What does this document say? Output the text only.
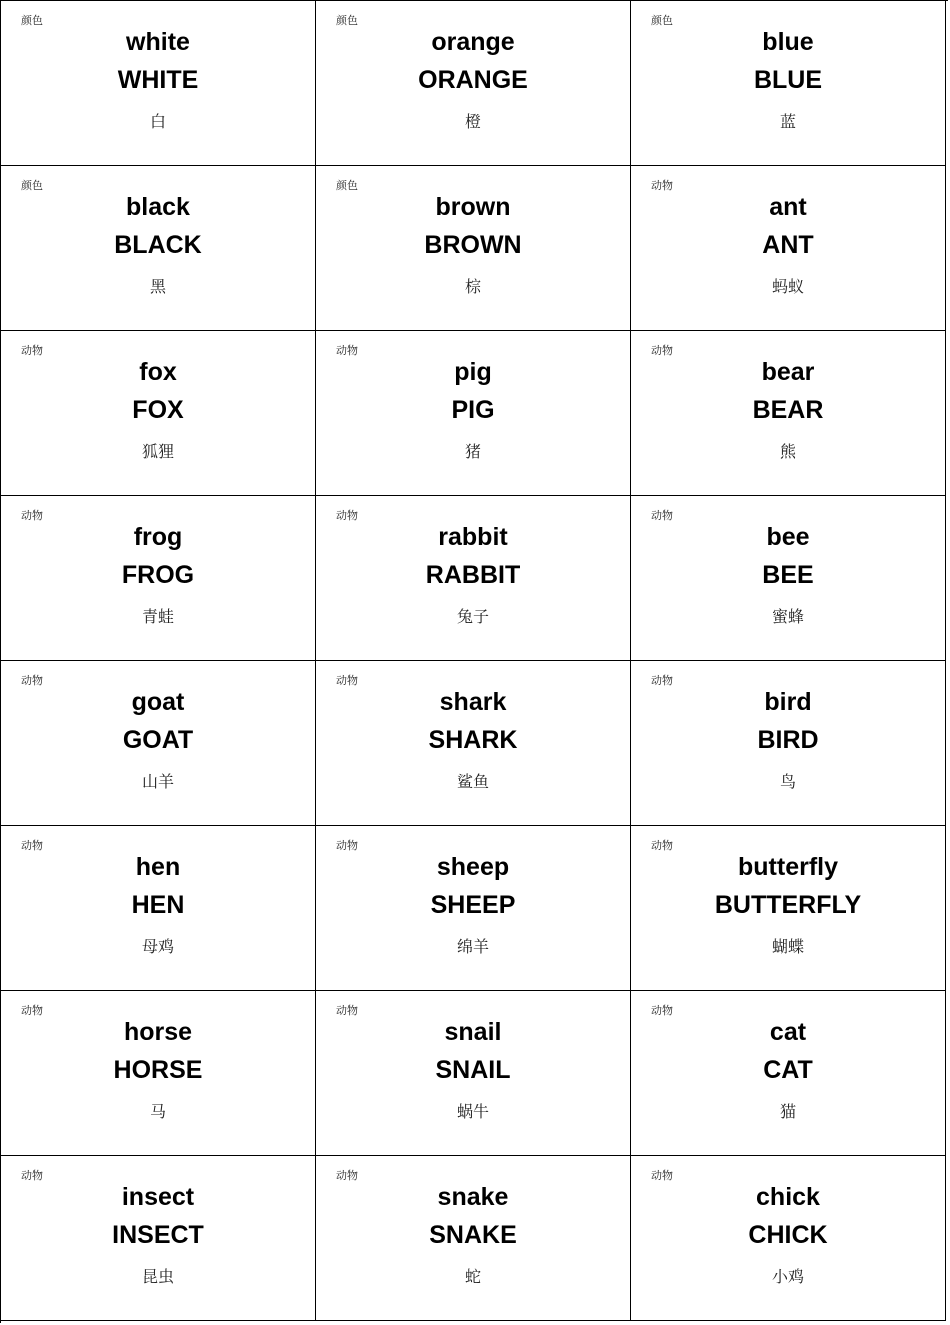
颜色
white
WHITE
白
颜色
orange
ORANGE
橙
颜色
blue
BLUE
蓝
颜色
black
BLACK
黑
颜色
brown
BROWN
棕
动物
ant
ANT
蚂蚁
动物
fox
FOX
狐狸
动物
pig
PIG
猪
动物
bear
BEAR
熊
动物
frog
FROG
青蛙
动物
rabbit
RABBIT
兔子
动物
bee
BEE
蜜蜂
动物
goat
GOAT
山羊
动物
shark
SHARK
鲨鱼
动物
bird
BIRD
鸟
动物
hen
HEN
母鸡
动物
sheep
SHEEP
绵羊
动物
butterfly
BUTTERFLY
蝴蝶
动物
horse
HORSE
马
动物
snail
SNAIL
蜗牛
动物
cat
CAT
猫
动物
insect
INSECT
昆虫
动物
snake
SNAKE
蛇
动物
chick
CHICK
小鸡
